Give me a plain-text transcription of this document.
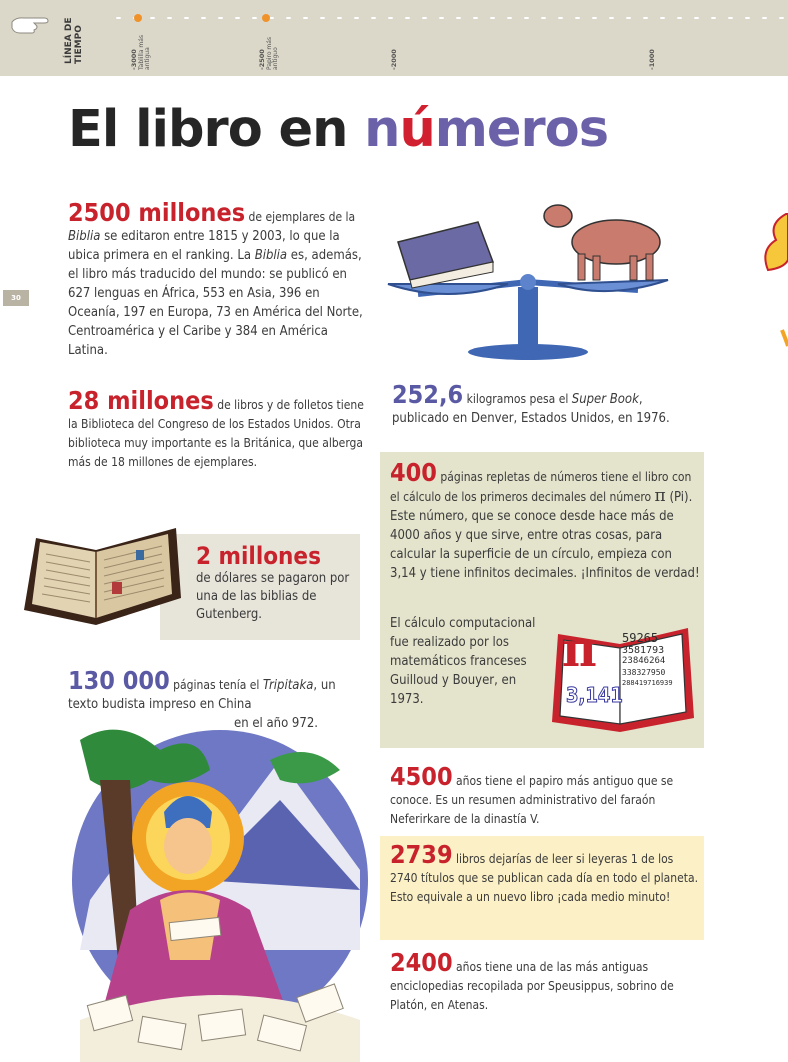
LÍNEA DE
TIEMPO	-3000
Tablilla más
antigua	-2500
Papiro más
antiguo	-2000	-1000
30
El libro en números
2500 millones de ejemplares de la Biblia se editaron entre 1815 y 2003, lo que la ubica primera en el ranking. La Biblia es, además, el libro más traducido del mundo: se publicó en 627 lenguas en África, 553 en Asia, 396 en Oceanía, 197 en Europa, 73 en América del Norte, Centroamérica y el Caribe y 384 en América Latina.
28 millones de libros y de folletos tiene la Biblioteca del Congreso de los Estados Unidos. Otra biblioteca muy importante es la Británica, que alberga más de 18 millones de ejemplares.
2 millones
de dólares se pagaron por una de las biblias de Gutenberg.
130 000 páginas tenía el Tripitaka, un texto budista impreso en China
en el año 972.
252,6 kilogramos pesa el Super Book, publicado en Denver, Estados Unidos, en 1976.
400 páginas repletas de números tiene el libro con el cálculo de los primeros decimales del número π (Pi). Este número, que se conoce desde hace más de 4000 años y que sirve, entre otras cosas, para calcular la superficie de un círculo, empieza con 3,14 y tiene infinitos decimales. ¡Infinitos de verdad!
El cálculo computacional fue realizado por los matemáticos franceses Guilloud y Bouyer, en 1973.
π
3,141
59265
3581793
23846264
338327950
288419716939
4500 años tiene el papiro más antiguo que se conoce. Es un resumen administrativo del faraón Neferirkare de la dinastía V.
2739 libros dejarías de leer si leyeras 1 de los 2740 títulos que se publican cada día en todo el planeta. Esto equivale a un nuevo libro ¡cada medio minuto!
2400 años tiene una de las más antiguas enciclopedias recopilada por Speusippus, sobrino de Platón, en Atenas.
